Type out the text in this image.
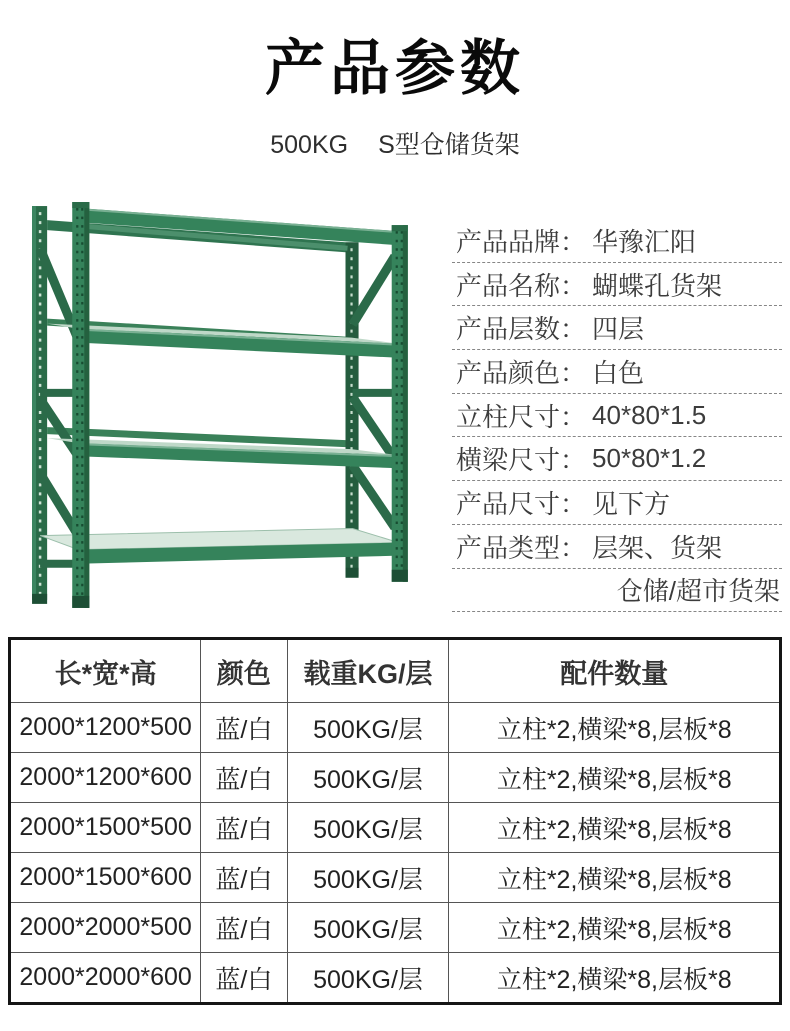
产品参数

500KG S型仓储货架

产品品牌 ： 华豫汇阳
产品名称 ： 蝴蝶孔货架
产品层数 ： 四层
产品颜色 ： 白色
立柱尺寸 ： 40*80*1.5
横梁尺寸 ： 50*80*1.2
产品尺寸 ： 见下方
产品类型 ： 层架、货架
仓储/超市货架
长*宽*高	颜色	载重KG/层	配件数量
2000*1200*500	蓝/白	500KG/层	立柱*2,横梁*8,层板*8
2000*1200*600	蓝/白	500KG/层	立柱*2,横梁*8,层板*8
2000*1500*500	蓝/白	500KG/层	立柱*2,横梁*8,层板*8
2000*1500*600	蓝/白	500KG/层	立柱*2,横梁*8,层板*8
2000*2000*500	蓝/白	500KG/层	立柱*2,横梁*8,层板*8
2000*2000*600	蓝/白	500KG/层	立柱*2,横梁*8,层板*8
